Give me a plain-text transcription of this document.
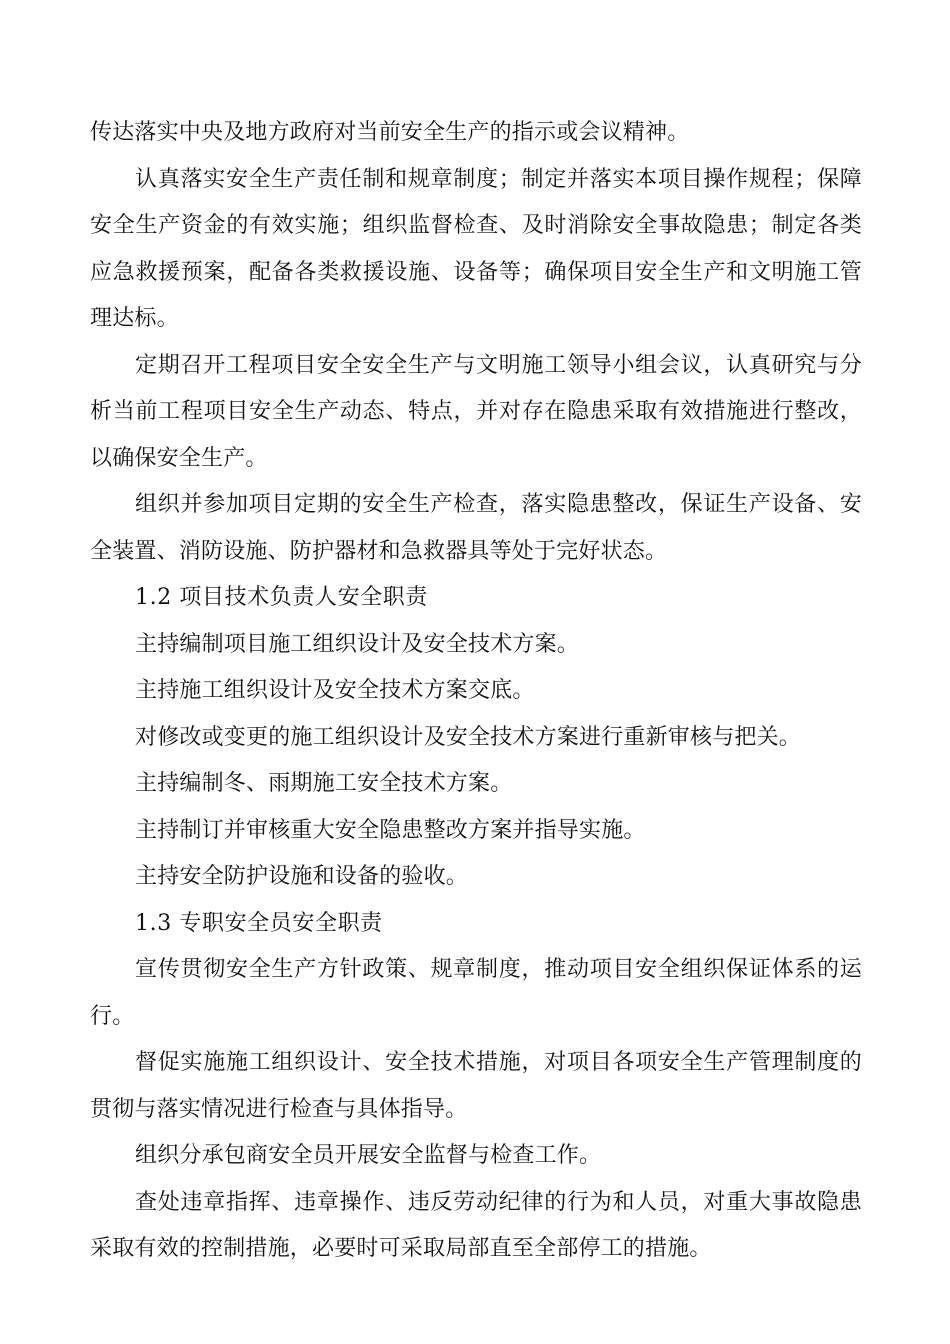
传达落实中央及地方政府对当前安全生产的指示或会议精神。

认真落实安全生产责任制和规章制度；制定并落实本项目操作规程；保障安全生产资金的有效实施；组织监督检查、及时消除安全事故隐患；制定各类应急救援预案，配备各类救援设施、设备等；确保项目安全生产和文明施工管理达标。

定期召开工程项目安全安全生产与文明施工领导小组会议，认真研究与分析当前工程项目安全生产动态、特点，并对存在隐患采取有效措施进行整改，以确保安全生产。

组织并参加项目定期的安全生产检查，落实隐患整改，保证生产设备、安全装置、消防设施、防护器材和急救器具等处于完好状态。

1.2 项目技术负责人安全职责

主持编制项目施工组织设计及安全技术方案。

主持施工组织设计及安全技术方案交底。

对修改或变更的施工组织设计及安全技术方案进行重新审核与把关。

主持编制冬、雨期施工安全技术方案。

主持制订并审核重大安全隐患整改方案并指导实施。

主持安全防护设施和设备的验收。

1.3 专职安全员安全职责

宣传贯彻安全生产方针政策、规章制度，推动项目安全组织保证体系的运行。

督促实施施工组织设计、安全技术措施，对项目各项安全生产管理制度的贯彻与落实情况进行检查与具体指导。

组织分承包商安全员开展安全监督与检查工作。

查处违章指挥、违章操作、违反劳动纪律的行为和人员，对重大事故隐患采取有效的控制措施，必要时可采取局部直至全部停工的措施。
